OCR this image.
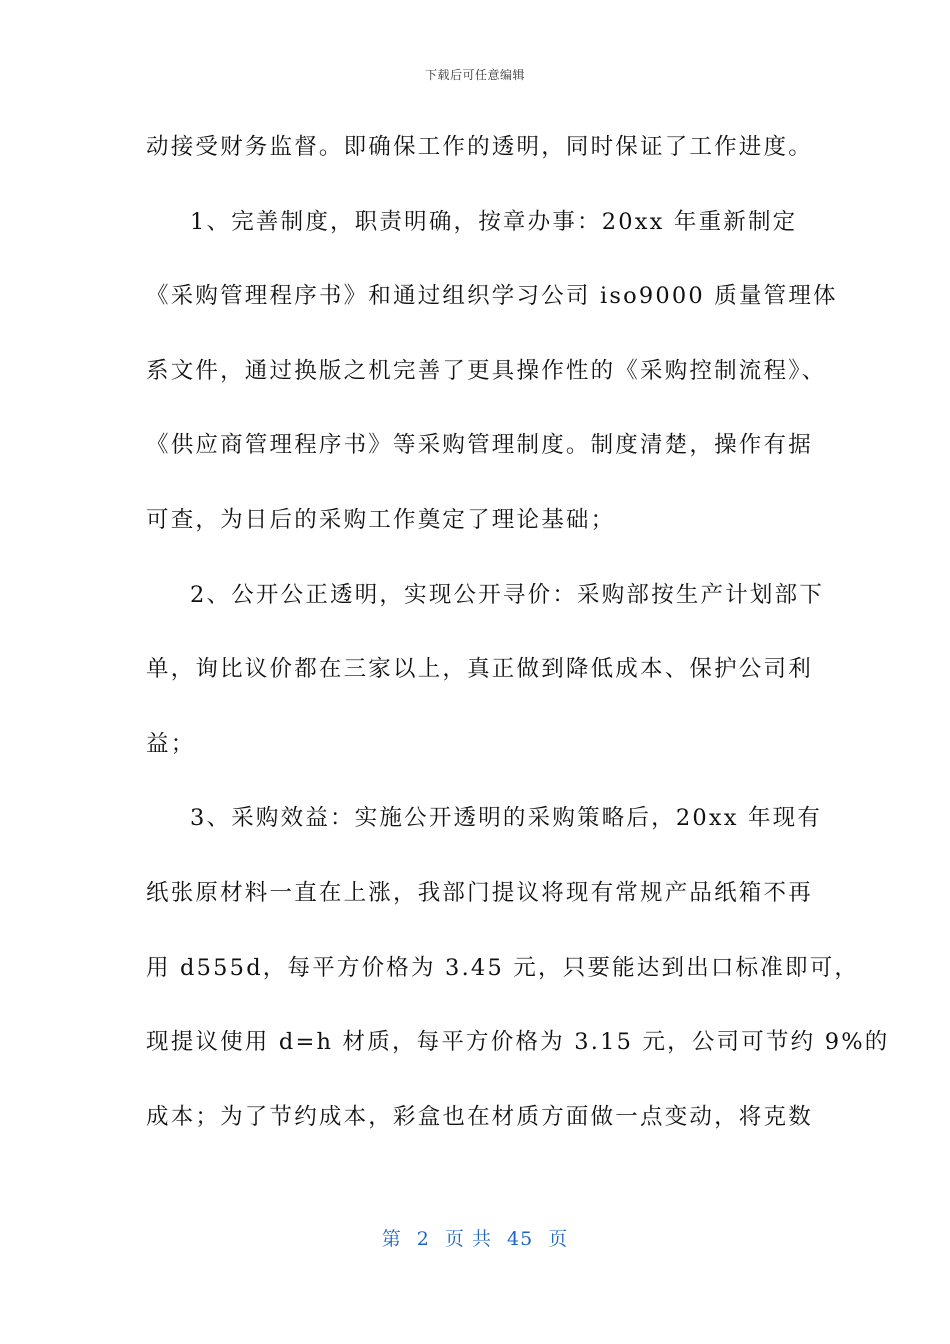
下载后可任意编辑
动接受财务监督。即确保工作的透明，同时保证了工作进度。
1、完善制度，职责明确，按章办事：20xx 年重新制定
《采购管理程序书》和通过组织学习公司 iso9000 质量管理体
系文件，通过换版之机完善了更具操作性的《采购控制流程》、
《供应商管理程序书》等采购管理制度。制度清楚，操作有据
可查，为日后的采购工作奠定了理论基础；
2、公开公正透明，实现公开寻价：采购部按生产计划部下
单，询比议价都在三家以上，真正做到降低成本、保护公司利
益；
3、采购效益：实施公开透明的采购策略后，20xx 年现有
纸张原材料一直在上涨，我部门提议将现有常规产品纸箱不再
用 d555d，每平方价格为 3.45 元，只要能达到出口标准即可，
现提议使用 d=h 材质，每平方价格为 3.15 元，公司可节约 9%的
成本；为了节约成本，彩盒也在材质方面做一点变动，将克数
第 2 页 共 45 页
